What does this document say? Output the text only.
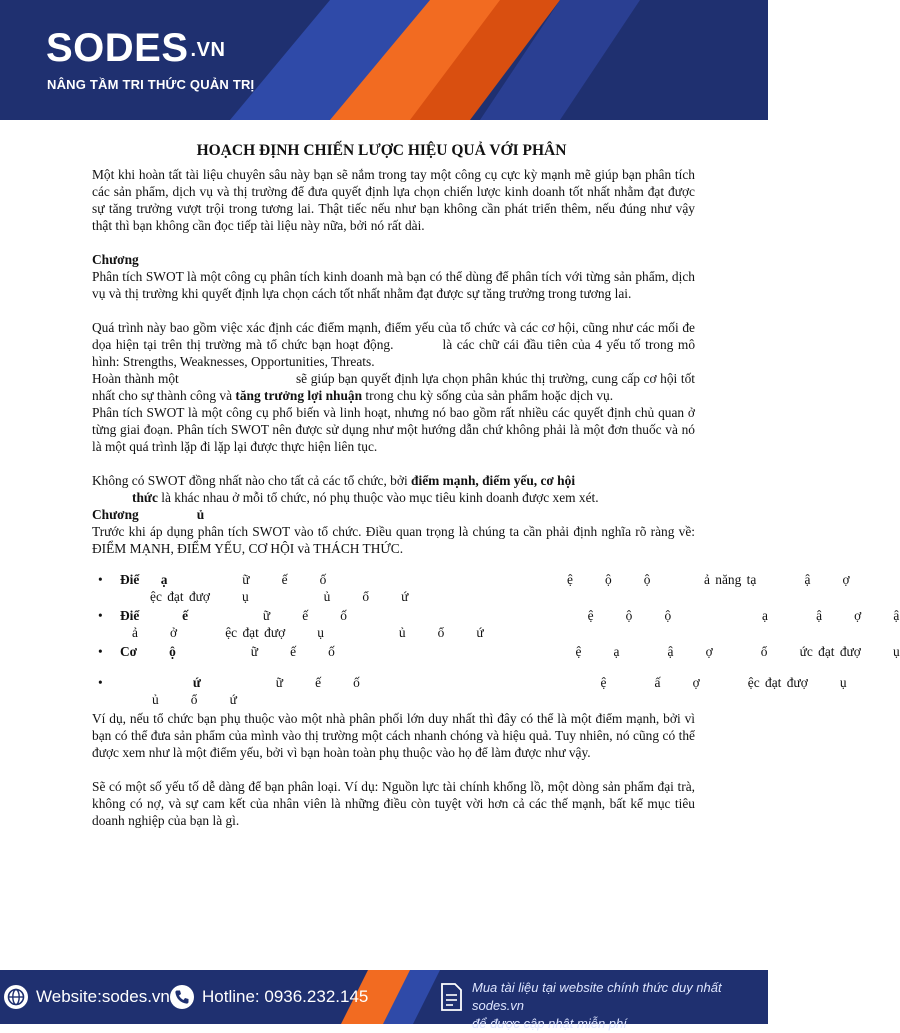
SODES $^{.VN}$
NÂNG TẦM TRI THỨC QUẢN TRỊ
HOẠCH ĐỊNH CHIẾN LƯỢC HIỆU QUẢ VỚI PHÂN

Một khi hoàn tất tài liệu chuyên sâu này bạn sẽ nắm trong tay một công cụ cực kỳ mạnh mẽ giúp bạn phân tích các sản phẩm, dịch vụ và thị trường để đưa quyết định lựa chọn chiến lược kinh doanh tốt nhất nhằm đạt được sự tăng trưởng vượt trội trong tương lai. Thật tiếc nếu như bạn không cần phát triển thêm, nếu đúng như vậy thật thì bạn không cần đọc tiếp tài liệu này nữa, bởi nó rất dài.

Chương

Phân tích SWOT là một công cụ phân tích kinh doanh mà bạn có thể dùng để phân tích với từng sản phẩm, dịch vụ và thị trường khi quyết định lựa chọn cách tốt nhất nhằm đạt được sự tăng trưởng trong tương lai.

Quá trình này bao gồm việc xác định các điểm mạnh, điểm yếu của tổ chức và các cơ hội, cũng như các mối đe dọa hiện tại trên thị trường mà tổ chức bạn hoạt động.	là các chữ cái đầu tiên của 4 yếu tố trong mô hình: Strengths, Weaknesses, Opportunities, Threats.

Hoàn thành một	sẽ giúp bạn quyết định lựa chọn phân khúc thị trường, cung cấp cơ hội tốt nhất cho sự thành công và tăng trưởng lợi nhuận trong chu kỳ sống của sản phẩm hoặc dịch vụ.

Phân tích SWOT là một công cụ phổ biến và linh hoạt, nhưng nó bao gồm rất nhiều các quyết định chủ quan ở từng giai đoạn. Phân tích SWOT nên được sử dụng như một hướng dẫn chứ không phải là một đơn thuốc và nó là một quá trình lặp đi lặp lại được thực hiện liên tục.

Không có SWOT đồng nhất nào cho tất cả các tổ chức, bởi điểm mạnh, điểm yếu, cơ hội
thức là khác nhau ở mỗi tổ chức, nó phụ thuộc vào mục tiêu kinh doanh được xem xét.

Chương	ủ

Trước khi áp dụng phân tích SWOT vào tổ chức. Điều quan trọng là chúng ta cần phải định nghĩa rõ ràng về: ĐIỂM MẠNH, ĐIỂM YẾU, CƠ HỘI và THÁCH THỨC.

• Điể    ạ              ữ      ế      ố                                             ệ      ộ      ộ          ả năng tạ         ậ      ợ
ệc đạt đượ      ụ              ủ      ổ      ứ
• Điể        ế              ữ      ế      ố                                             ệ      ộ      ộ                 ạ         ậ      ợ      ậ
ả      ở         ệc đạt đượ      ụ              ủ      ổ      ứ
• Cơ      ộ              ữ      ế      ố                                             ệ      ạ         ậ      ợ         ổ      ức đạt đượ      ụ
• ứ              ữ      ế      ố                                             ệ         ấ      ợ         ệc đạt đượ      ụ
ủ      ổ      ứ

Ví dụ, nếu tổ chức bạn phụ thuộc vào một nhà phân phối lớn duy nhất thì đây có thể là một điểm mạnh, bởi vì bạn có thể đưa sản phẩm của mình vào thị trường một cách nhanh chóng và hiệu quả. Tuy nhiên, nó cũng có thể được xem như là một điểm yếu, bởi vì bạn hoàn toàn phụ thuộc vào họ để làm được như vậy.

Sẽ có một số yếu tố dễ dàng để bạn phân loại. Ví dụ: Nguồn lực tài chính khổng lồ, một dòng sản phẩm đại trà, không có nợ, và sự cam kết của nhân viên là những điều còn tuyệt vời hơn cả các thế mạnh, bất kể mục tiêu doanh nghiệp của bạn là gì.

Website:sodes.vn Hotline: 0936.232.145	Mua tài liệu tại website chính thức duy nhất sodes.vn
để được cập nhật miễn phí
